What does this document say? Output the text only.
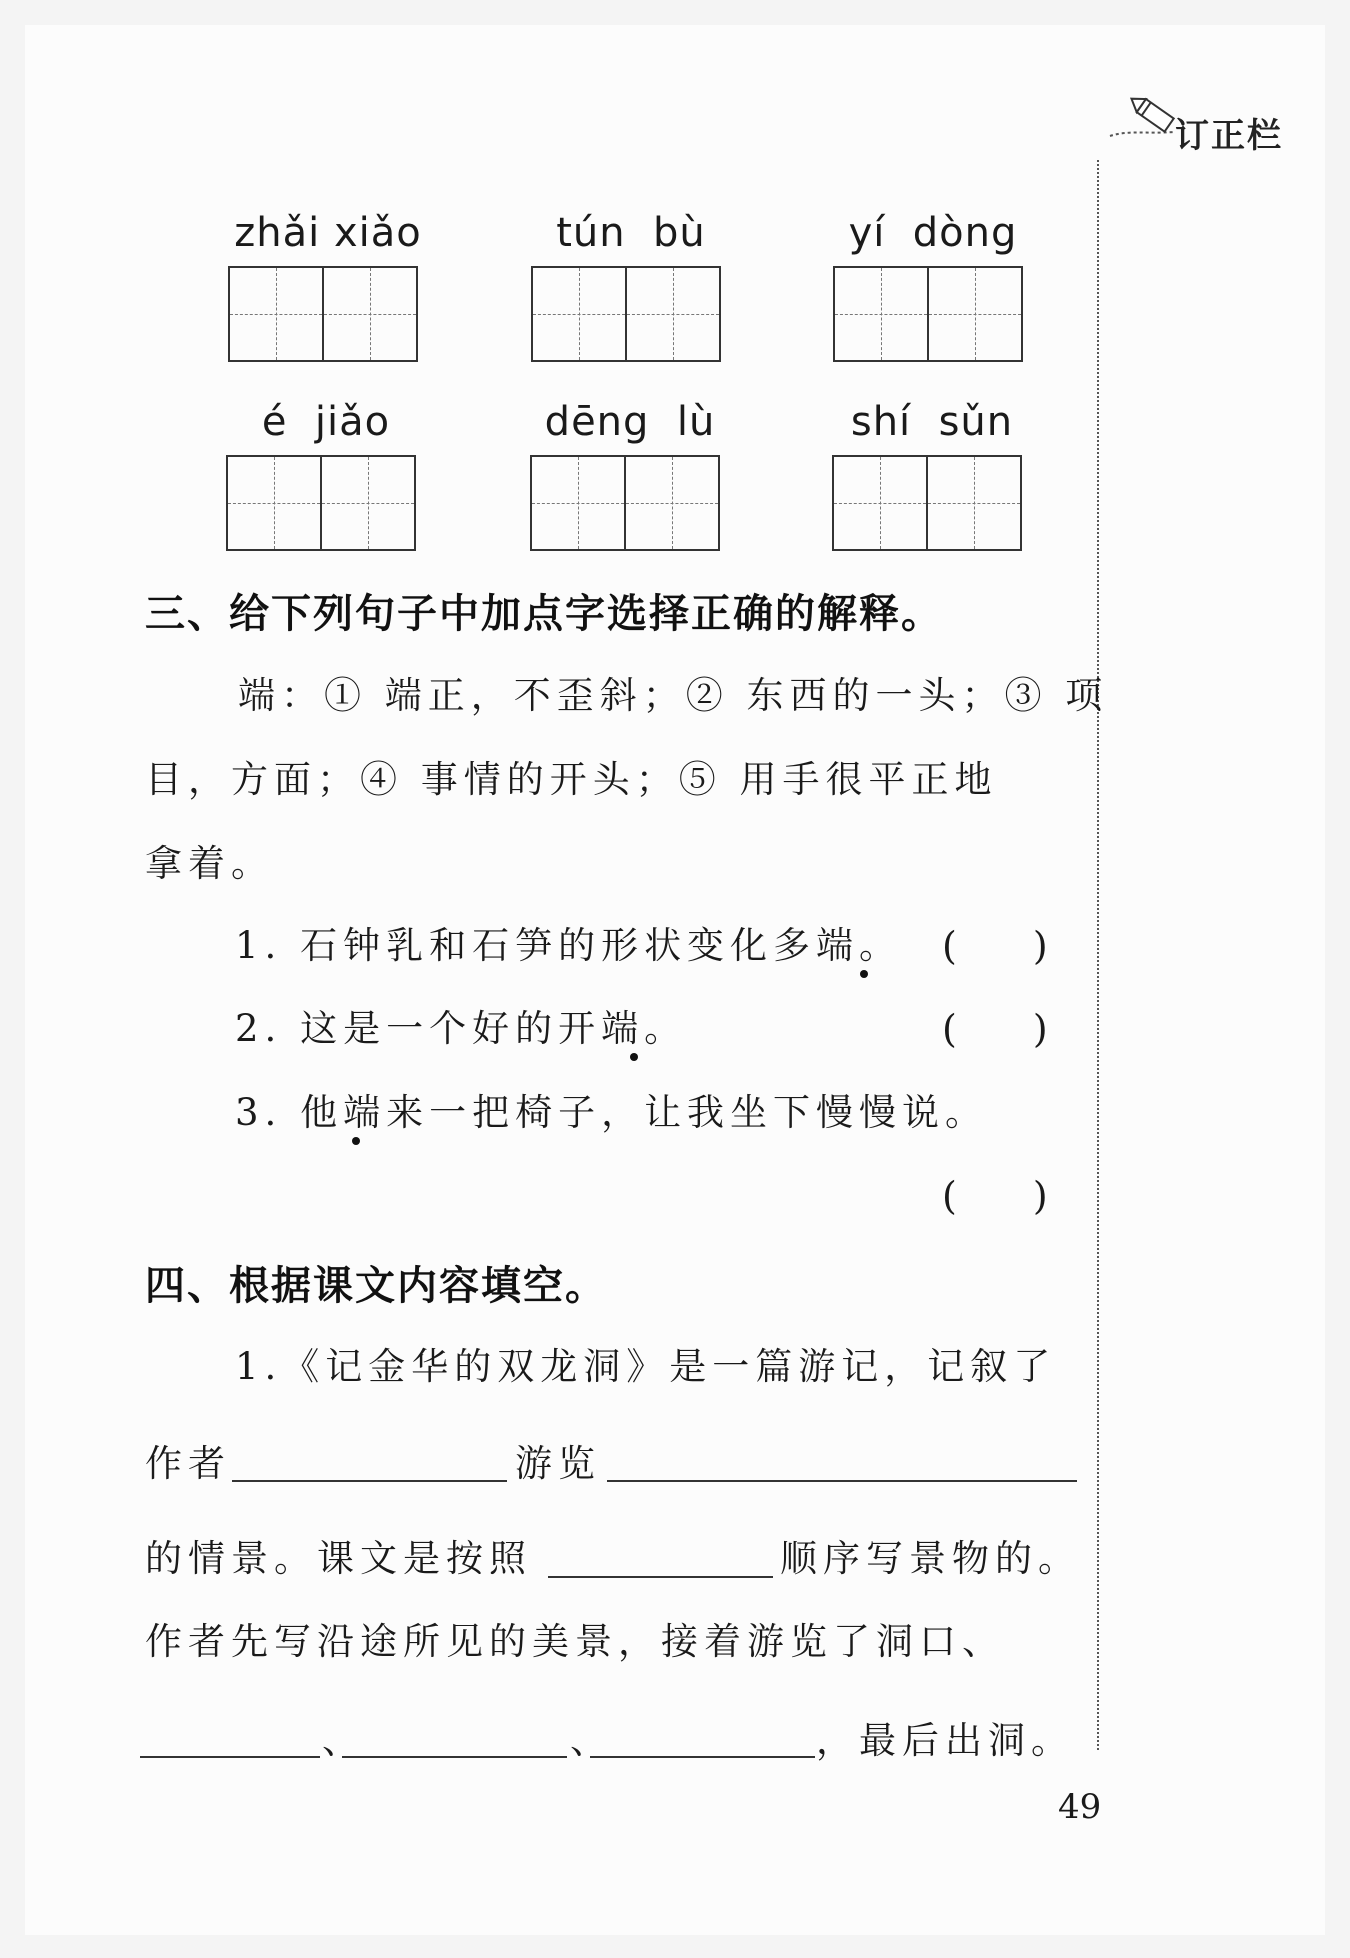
订正栏
zhǎi xiǎo	tún  bù	yí  dòng
é  jiǎo	dēng  lù	shí  sǔn
三、给下列句子中加点字选择正确的解释。
端：① 端正，不歪斜；② 东西的一头；③ 项
目，方面；④ 事情的开头；⑤ 用手很平正地
拿着。
1. 石钟乳和石笋的形状变化多端。 (　　)
2. 这是一个好的开端。	(　　)
3. 他端来一把椅子，让我坐下慢慢说。
(　　)
四、根据课文内容填空。
1.《记金华的双龙洞》是一篇游记，记叙了
作者	游览
的情景。课文是按照	顺序写景物的。
作者先写沿途所见的美景，接着游览了洞口、
、	、	，最后出洞。
49
